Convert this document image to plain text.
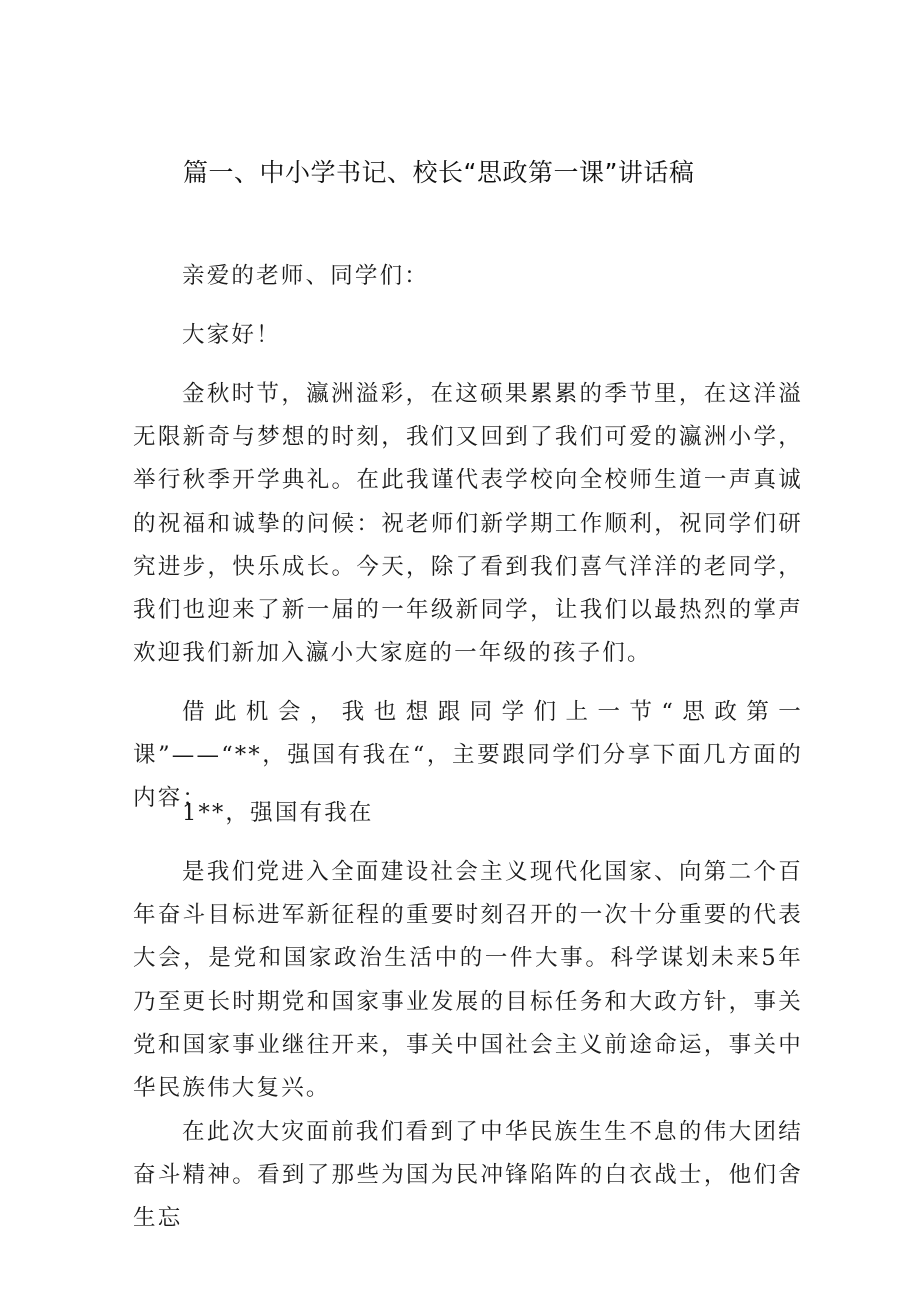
篇一、中小学书记、校长“思政第一课”讲话稿

亲爱的老师、同学们：

大家好！

金秋时节，瀛洲溢彩，在这硕果累累的季节里，在这洋溢无限新奇与梦想的时刻，我们又回到了我们可爱的瀛洲小学，举行秋季开学典礼。在此我谨代表学校向全校师生道一声真诚的祝福和诚挚的问候：祝老师们新学期工作顺利，祝同学们研究进步，快乐成长。今天，除了看到我们喜气洋洋的老同学，我们也迎来了新一届的一年级新同学，让我们以最热烈的掌声欢迎我们新加入瀛小大家庭的一年级的孩子们。

借此机会，我也想跟同学们上一节“思政第一课”——“**，强国有我在“，主要跟同学们分享下面几方面的内容：

1**，强国有我在

是我们党进入全面建设社会主义现代化国家、向第二个百年奋斗目标进军新征程的重要时刻召开的一次十分重要的代表大会，是党和国家政治生活中的一件大事。科学谋划未来5年乃至更长时期党和国家事业发展的目标任务和大政方针，事关党和国家事业继往开来，事关中国社会主义前途命运，事关中华民族伟大复兴。

在此次大灾面前我们看到了中华民族生生不息的伟大团结奋斗精神。看到了那些为国为民冲锋陷阵的白衣战士，他们舍生忘
